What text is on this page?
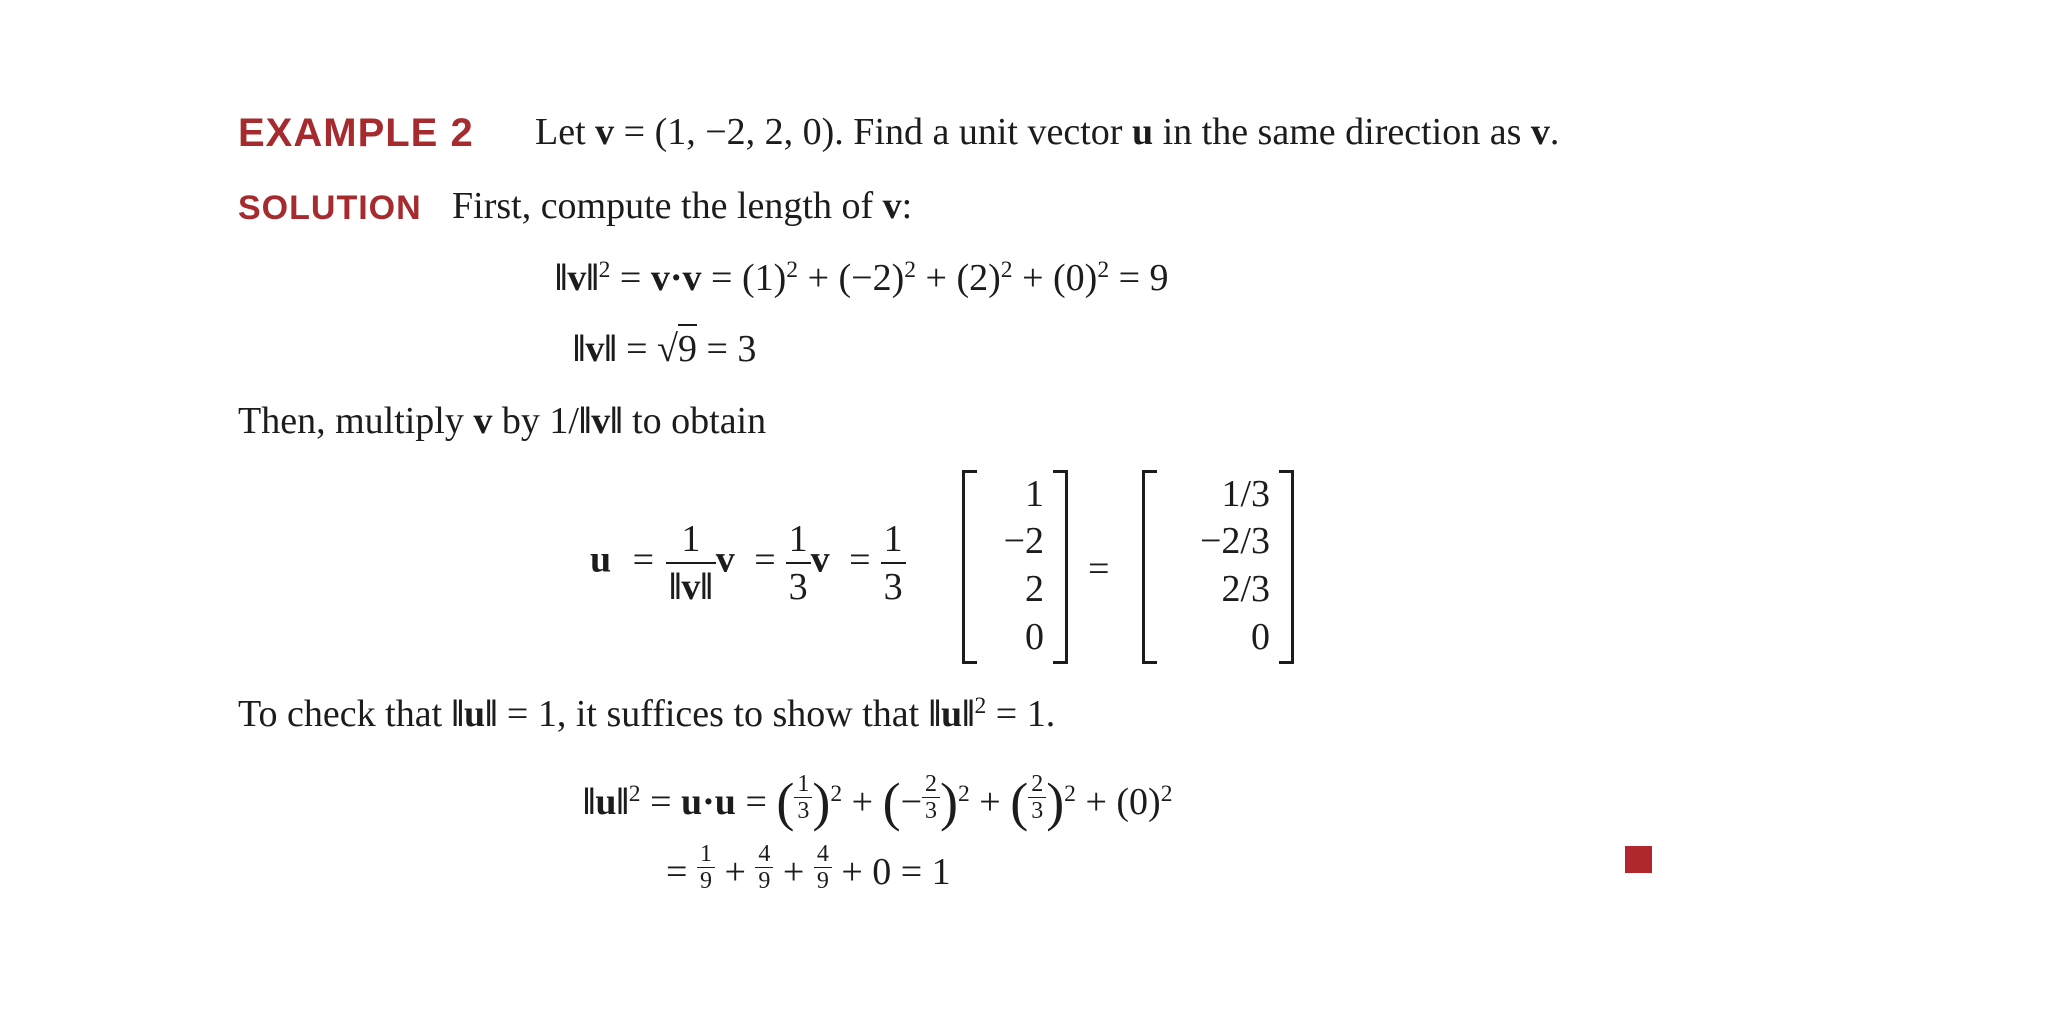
EXAMPLE 2 Let v = (1, −2, 2, 0). Find a unit vector u in the same direction as v.
SOLUTION First, compute the length of v:
‖v‖$^2$ = $v\cdot v = (1)^2 + (-2)^2 + (2)^2 + (0)^2 = 9$
‖v‖ = √9 = 3
Then, multiply v by 1/‖v‖ to obtain
$u = \frac{1}{‖v‖}$ $v = \frac{1}{3}$ $v = \frac{1}{3}$
1
−2
2
0
=
1/3
−2/3
2/3
0
To check that ‖u‖ = 1, it suffices to show that ‖u‖$^2$ = 1.
‖u‖$^2$ = u·u = ( $\frac{1}{3} )^2$ + (− $\frac{2}{3} )^2$ + ( $\frac{2}{3} )^2 + (0)^2$
= $\frac{1}{9} + \frac{4}{9} + \frac{4}{9} + 0 = 1$
